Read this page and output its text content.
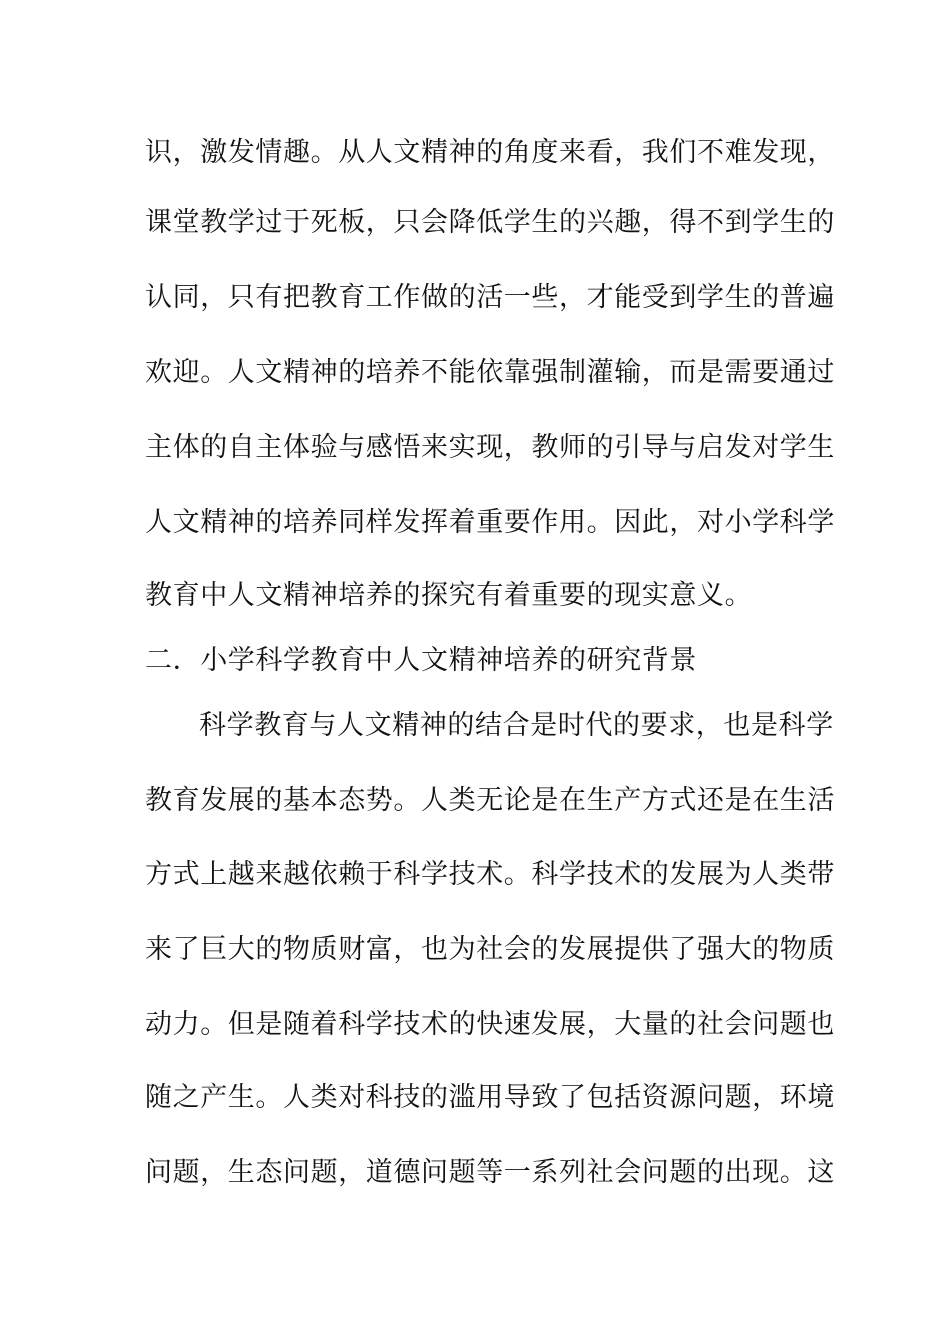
识，激发情趣。从人文精神的角度来看，我们不难发现，
课堂教学过于死板，只会降低学生的兴趣，得不到学生的
认同，只有把教育工作做的活一些，才能受到学生的普遍
欢迎。人文精神的培养不能依靠强制灌输，而是需要通过
主体的自主体验与感悟来实现，教师的引导与启发对学生
人文精神的培养同样发挥着重要作用。因此，对小学科学
教育中人文精神培养的探究有着重要的现实意义。
二．小学科学教育中人文精神培养的研究背景
科学教育与人文精神的结合是时代的要求，也是科学
教育发展的基本态势。人类无论是在生产方式还是在生活
方式上越来越依赖于科学技术。科学技术的发展为人类带
来了巨大的物质财富，也为社会的发展提供了强大的物质
动力。但是随着科学技术的快速发展，大量的社会问题也
随之产生。人类对科技的滥用导致了包括资源问题，环境
问题，生态问题，道德问题等一系列社会问题的出现。这
